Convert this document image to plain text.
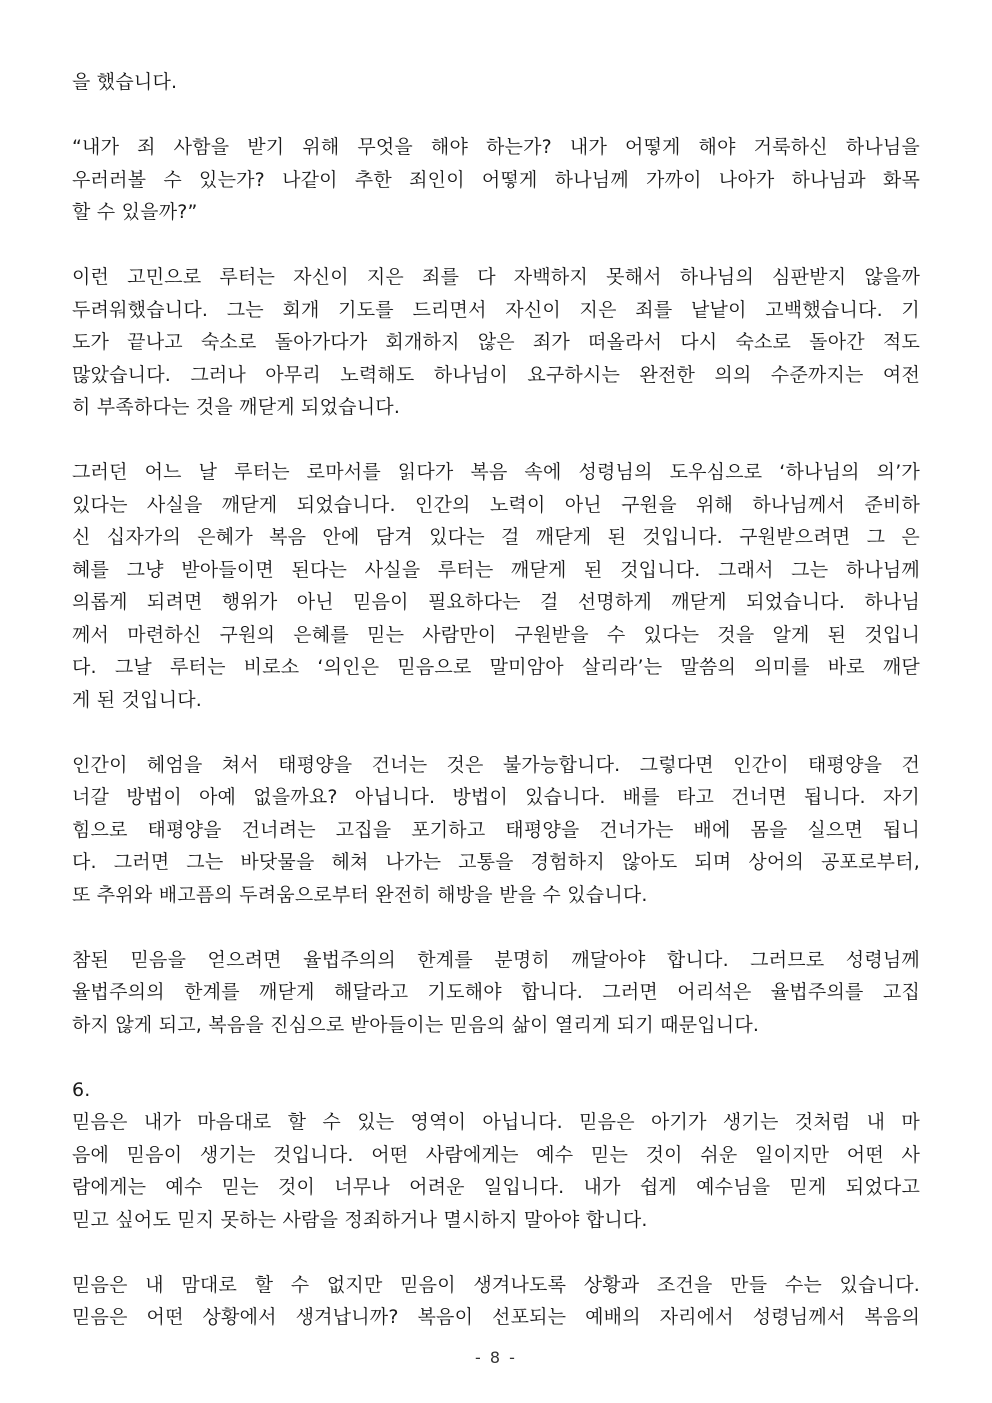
을 했습니다.

“내가 죄 사함을 받기 위해 무엇을 해야 하는가? 내가 어떻게 해야 거룩하신 하나님을
우러러볼 수 있는가? 나같이 추한 죄인이 어떻게 하나님께 가까이 나아가 하나님과 화목
할 수 있을까?”

이런 고민으로 루터는 자신이 지은 죄를 다 자백하지 못해서 하나님의 심판받지 않을까
두려워했습니다. 그는 회개 기도를 드리면서 자신이 지은 죄를 낱낱이 고백했습니다. 기
도가 끝나고 숙소로 돌아가다가 회개하지 않은 죄가 떠올라서 다시 숙소로 돌아간 적도
많았습니다. 그러나 아무리 노력해도 하나님이 요구하시는 완전한 의의 수준까지는 여전
히 부족하다는 것을 깨닫게 되었습니다.

그러던 어느 날 루터는 로마서를 읽다가 복음 속에 성령님의 도우심으로 ‘하나님의 의’가
있다는 사실을 깨닫게 되었습니다. 인간의 노력이 아닌 구원을 위해 하나님께서 준비하
신 십자가의 은혜가 복음 안에 담겨 있다는 걸 깨닫게 된 것입니다. 구원받으려면 그 은
혜를 그냥 받아들이면 된다는 사실을 루터는 깨닫게 된 것입니다. 그래서 그는 하나님께
의롭게 되려면 행위가 아닌 믿음이 필요하다는 걸 선명하게 깨닫게 되었습니다. 하나님
께서 마련하신 구원의 은혜를 믿는 사람만이 구원받을 수 있다는 것을 알게 된 것입니
다. 그날 루터는 비로소 ‘의인은 믿음으로 말미암아 살리라’는 말씀의 의미를 바로 깨닫
게 된 것입니다.

인간이 헤엄을 쳐서 태평양을 건너는 것은 불가능합니다. 그렇다면 인간이 태평양을 건
너갈 방법이 아예 없을까요? 아닙니다. 방법이 있습니다. 배를 타고 건너면 됩니다. 자기
힘으로 태평양을 건너려는 고집을 포기하고 태평양을 건너가는 배에 몸을 실으면 됩니
다. 그러면 그는 바닷물을 헤쳐 나가는 고통을 경험하지 않아도 되며 상어의 공포로부터,
또 추위와 배고픔의 두려움으로부터 완전히 해방을 받을 수 있습니다.

참된 믿음을 얻으려면 율법주의의 한계를 분명히 깨달아야 합니다. 그러므로 성령님께
율법주의의 한계를 깨닫게 해달라고 기도해야 합니다. 그러면 어리석은 율법주의를 고집
하지 않게 되고, 복음을 진심으로 받아들이는 믿음의 삶이 열리게 되기 때문입니다.

6.

믿음은 내가 마음대로 할 수 있는 영역이 아닙니다. 믿음은 아기가 생기는 것처럼 내 마
음에 믿음이 생기는 것입니다. 어떤 사람에게는 예수 믿는 것이 쉬운 일이지만 어떤 사
람에게는 예수 믿는 것이 너무나 어려운 일입니다. 내가 쉽게 예수님을 믿게 되었다고
믿고 싶어도 믿지 못하는 사람을 정죄하거나 멸시하지 말아야 합니다.

믿음은 내 맘대로 할 수 없지만 믿음이 생겨나도록 상황과 조건을 만들 수는 있습니다.
믿음은 어떤 상황에서 생겨납니까? 복음이 선포되는 예배의 자리에서 성령님께서 복음의

- 8 -
